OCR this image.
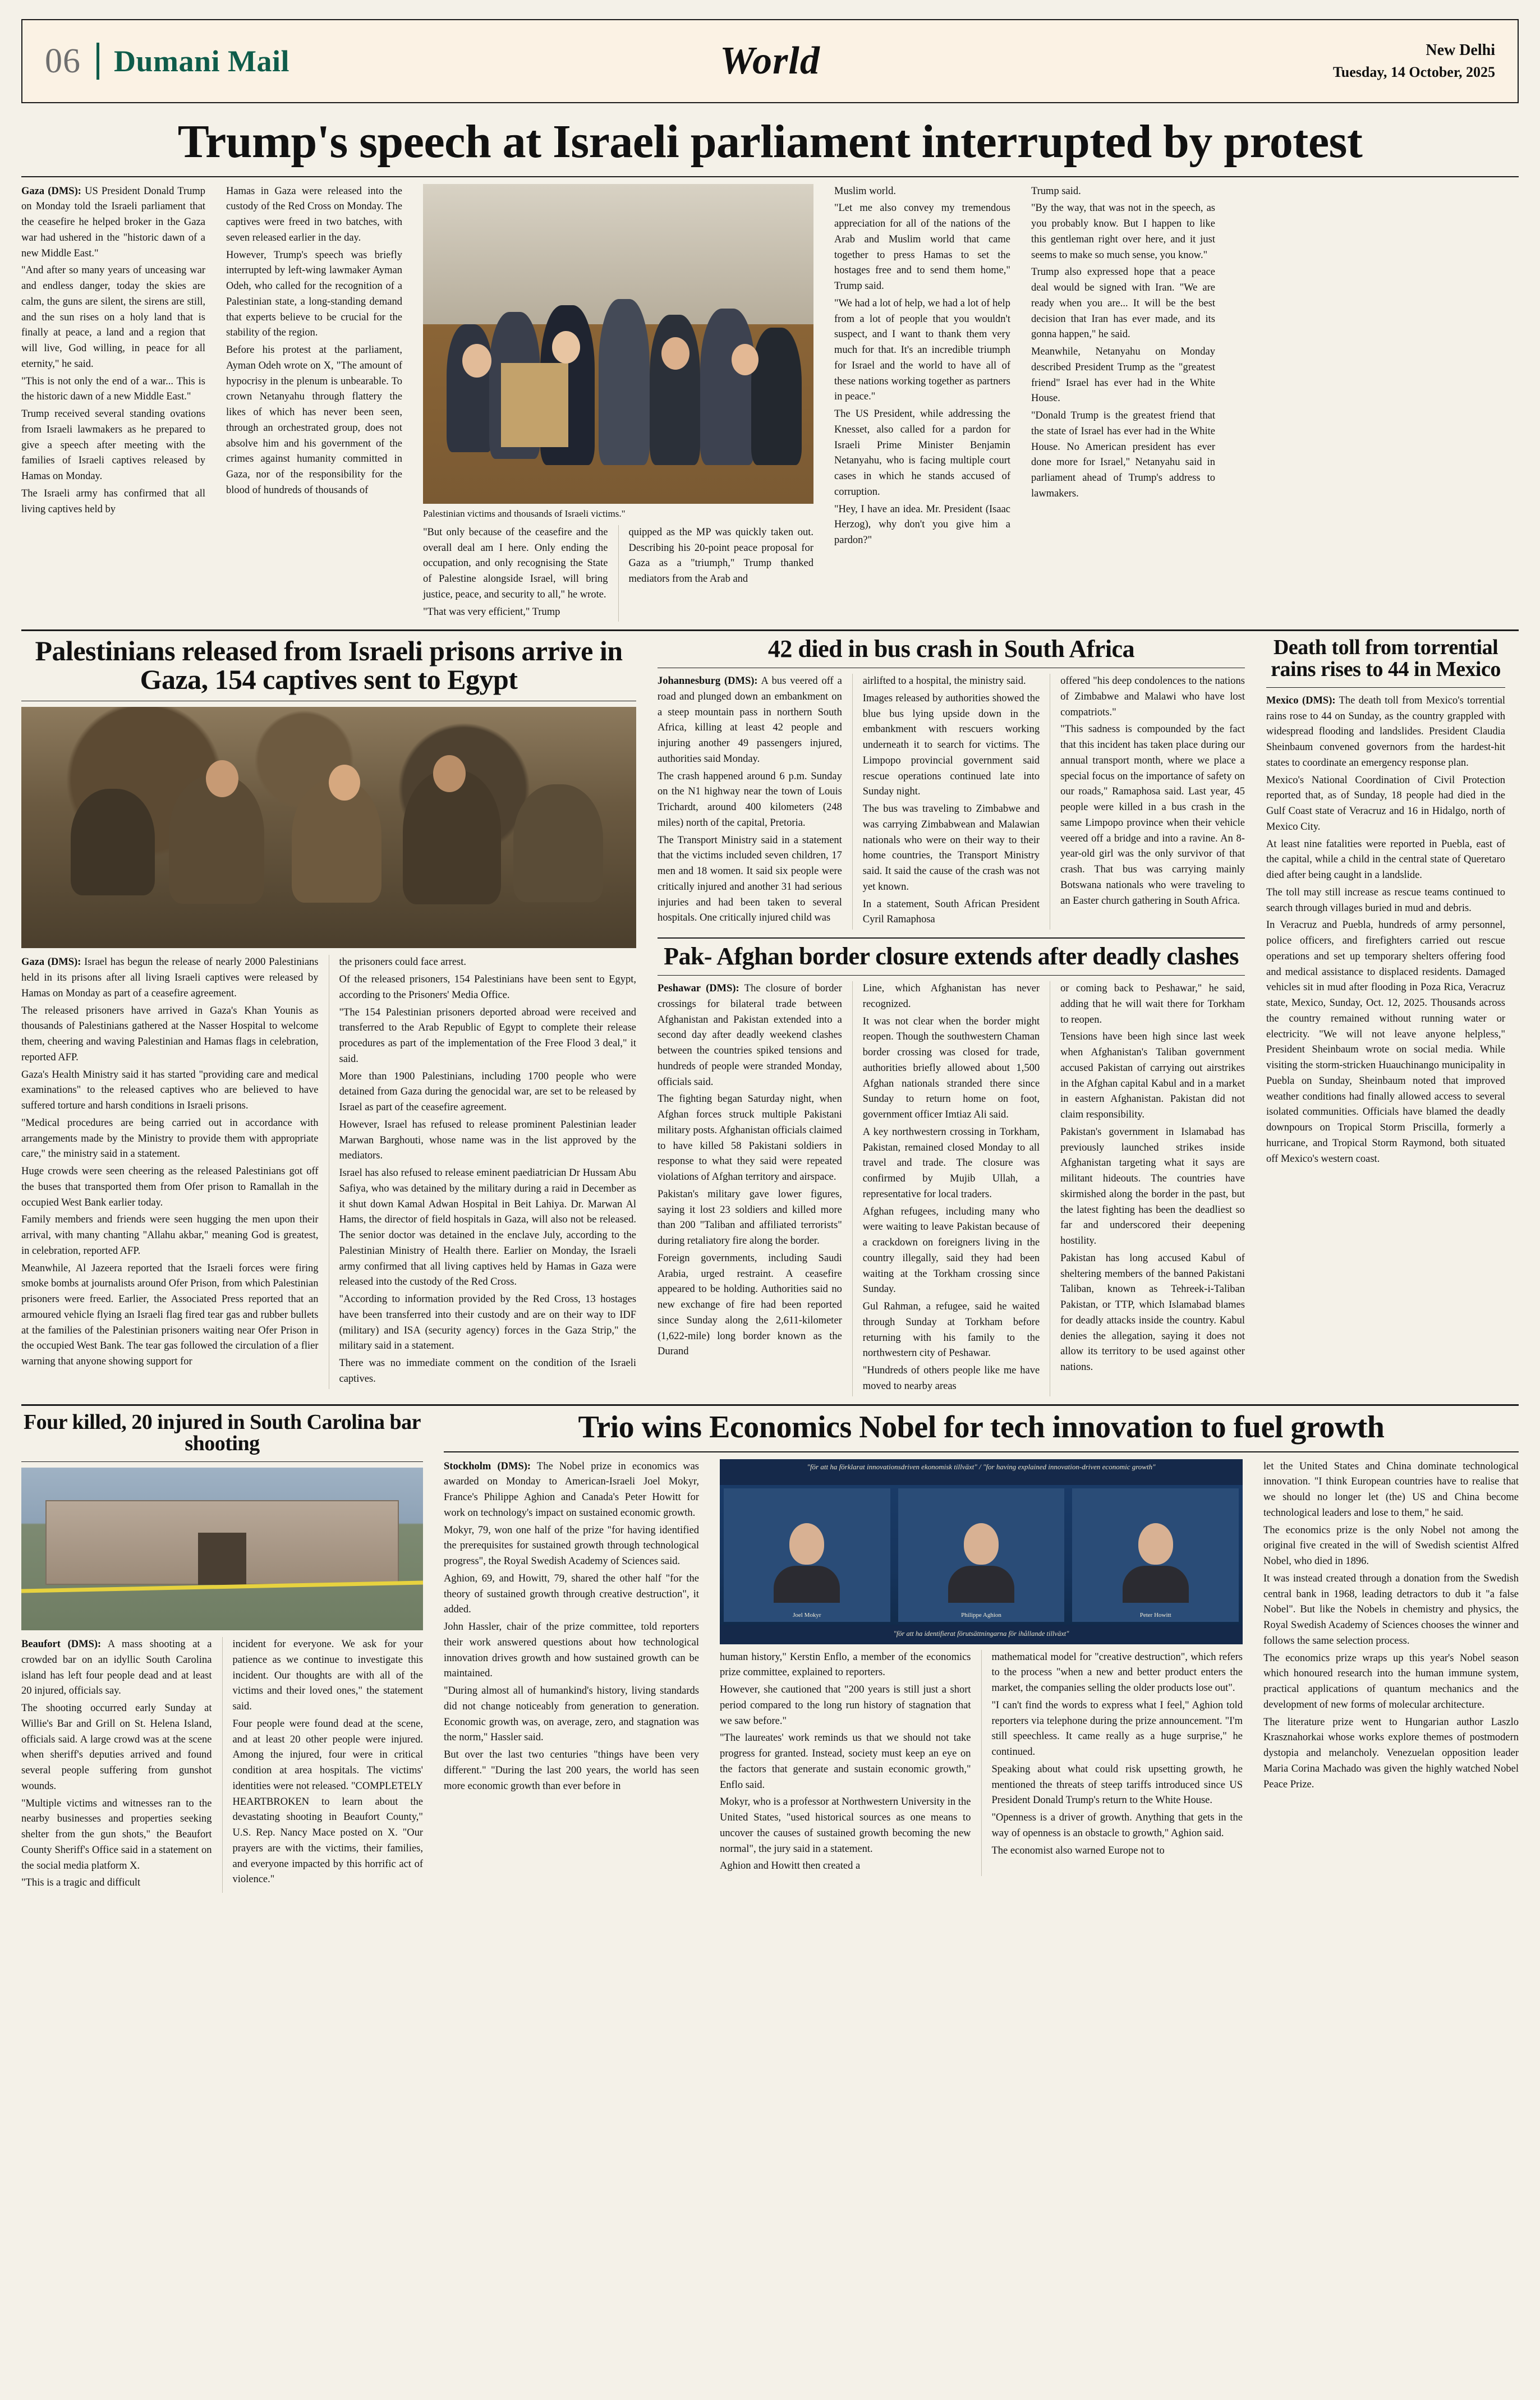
06 Dumani Mail	World	New Delhi
Tuesday, 14 October, 2025
Trump's speech at Israeli parliament interrupted by protest

Gaza (DMS): US President Donald Trump on Monday told the Israeli parliament that the ceasefire he helped broker in the Gaza war had ushered in the "historic dawn of a new Middle East."

"And after so many years of unceasing war and endless danger, today the skies are calm, the guns are silent, the sirens are still, and the sun rises on a holy land that is finally at peace, a land and a region that will live, God willing, in peace for all eternity," he said.

"This is not only the end of a war... This is the historic dawn of a new Middle East."

Trump received several standing ovations from Israeli lawmakers as he prepared to give a speech after meeting with the families of Israeli captives released by Hamas on Monday.

The Israeli army has confirmed that all living captives held by

Hamas in Gaza were released into the custody of the Red Cross on Monday. The captives were freed in two batches, with seven released earlier in the day.

However, Trump's speech was briefly interrupted by left-wing lawmaker Ayman Odeh, who called for the recognition of a Palestinian state, a long-standing demand that experts believe to be crucial for the stability of the region.

Before his protest at the parliament, Ayman Odeh wrote on X, "The amount of hypocrisy in the plenum is unbearable. To crown Netanyahu through flattery the likes of which has never been seen, through an orchestrated group, does not absolve him and his government of the crimes against humanity committed in Gaza, nor of the responsibility for the blood of hundreds of thousands of

Palestinian victims and thousands of Israeli victims."

"But only because of the ceasefire and the overall deal am I here. Only ending the occupation, and only recognising the State of Palestine alongside Israel, will bring justice, peace, and security to all," he wrote.

"That was very efficient," Trump

quipped as the MP was quickly taken out. Describing his 20-point peace proposal for Gaza as a "triumph," Trump thanked mediators from the Arab and

Muslim world.

"Let me also convey my tremendous appreciation for all of the nations of the Arab and Muslim world that came together to press Hamas to set the hostages free and to send them home," Trump said.

"We had a lot of help, we had a lot of help from a lot of people that you wouldn't suspect, and I want to thank them very much for that. It's an incredible triumph for Israel and the world to have all of these nations working together as partners in peace."

The US President, while addressing the Knesset, also called for a pardon for Israeli Prime Minister Benjamin Netanyahu, who is facing multiple court cases in which he stands accused of corruption.

"Hey, I have an idea. Mr. President (Isaac Herzog), why don't you give him a pardon?"

Trump said.

"By the way, that was not in the speech, as you probably know. But I happen to like this gentleman right over here, and it just seems to make so much sense, you know."

Trump also expressed hope that a peace deal would be signed with Iran. "We are ready when you are... It will be the best decision that Iran has ever made, and its gonna happen," he said.

Meanwhile, Netanyahu on Monday described President Trump as the "greatest friend" Israel has ever had in the White House.

"Donald Trump is the greatest friend that the state of Israel has ever had in the White House. No American president has ever done more for Israel," Netanyahu said in parliament ahead of Trump's address to lawmakers.

Palestinians released from Israeli prisons arrive in Gaza, 154 captives sent to Egypt

Gaza (DMS): Israel has begun the release of nearly 2000 Palestinians held in its prisons after all living Israeli captives were released by Hamas on Monday as part of a ceasefire agreement.

The released prisoners have arrived in Gaza's Khan Younis as thousands of Palestinians gathered at the Nasser Hospital to welcome them, cheering and waving Palestinian and Hamas flags in celebration, reported AFP.

Gaza's Health Ministry said it has started "providing care and medical examinations" to the released captives who are believed to have suffered torture and harsh conditions in Israeli prisons.

"Medical procedures are being carried out in accordance with arrangements made by the Ministry to provide them with appropriate care," the ministry said in a statement.

Huge crowds were seen cheering as the released Palestinians got off the buses that transported them from Ofer prison to Ramallah in the occupied West Bank earlier today.

Family members and friends were seen hugging the men upon their arrival, with many chanting "Allahu akbar," meaning God is greatest, in celebration, reported AFP.

Meanwhile, Al Jazeera reported that the Israeli forces were firing smoke bombs at journalists around Ofer Prison, from which Palestinian prisoners were freed. Earlier, the Associated Press reported that an armoured vehicle flying an Israeli flag fired tear gas and rubber bullets at the families of the Palestinian prisoners waiting near Ofer Prison in the occupied West Bank. The tear gas followed the circulation of a flier warning that anyone showing support for

the prisoners could face arrest.

Of the released prisoners, 154 Palestinians have been sent to Egypt, according to the Prisoners' Media Office.

"The 154 Palestinian prisoners deported abroad were received and transferred to the Arab Republic of Egypt to complete their release procedures as part of the implementation of the Free Flood 3 deal," it said.

More than 1900 Palestinians, including 1700 people who were detained from Gaza during the genocidal war, are set to be released by Israel as part of the ceasefire agreement.

However, Israel has refused to release prominent Palestinian leader Marwan Barghouti, whose name was in the list approved by the mediators.

Israel has also refused to release eminent paediatrician Dr Hussam Abu Safiya, who was detained by the military during a raid in December as it shut down Kamal Adwan Hospital in Beit Lahiya. Dr. Marwan Al Hams, the director of field hospitals in Gaza, will also not be released. The senior doctor was detained in the enclave July, according to the Palestinian Ministry of Health there. Earlier on Monday, the Israeli army confirmed that all living captives held by Hamas in Gaza were released into the custody of the Red Cross.

"According to information provided by the Red Cross, 13 hostages have been transferred into their custody and are on their way to IDF (military) and ISA (security agency) forces in the Gaza Strip," the military said in a statement.

There was no immediate comment on the condition of the Israeli captives.

42 died in bus crash in South Africa

Johannesburg (DMS): A bus veered off a road and plunged down an embankment on a steep mountain pass in northern South Africa, killing at least 42 people and injuring another 49 passengers injured, authorities said Monday.

The crash happened around 6 p.m. Sunday on the N1 highway near the town of Louis Trichardt, around 400 kilometers (248 miles) north of the capital, Pretoria.

The Transport Ministry said in a statement that the victims included seven children, 17 men and 18 women. It said six people were critically injured and another 31 had serious injuries and had been taken to several hospitals. One critically injured child was

airlifted to a hospital, the ministry said.

Images released by authorities showed the blue bus lying upside down in the embankment with rescuers working underneath it to search for victims. The Limpopo provincial government said rescue operations continued late into Sunday night.

The bus was traveling to Zimbabwe and was carrying Zimbabwean and Malawian nationals who were on their way to their home countries, the Transport Ministry said. It said the cause of the crash was not yet known.

In a statement, South African President Cyril Ramaphosa

offered "his deep condolences to the nations of Zimbabwe and Malawi who have lost compatriots."

"This sadness is compounded by the fact that this incident has taken place during our annual transport month, where we place a special focus on the importance of safety on our roads," Ramaphosa said. Last year, 45 people were killed in a bus crash in the same Limpopo province when their vehicle veered off a bridge and into a ravine. An 8-year-old girl was the only survivor of that crash. That bus was carrying mainly Botswana nationals who were traveling to an Easter church gathering in South Africa.

Pak- Afghan border closure extends after deadly clashes

Peshawar (DMS): The closure of border crossings for bilateral trade between Afghanistan and Pakistan extended into a second day after deadly weekend clashes between the countries spiked tensions and hundreds of people were stranded Monday, officials said.

The fighting began Saturday night, when Afghan forces struck multiple Pakistani military posts. Afghanistan officials claimed to have killed 58 Pakistani soldiers in response to what they said were repeated violations of Afghan territory and airspace.

Pakistan's military gave lower figures, saying it lost 23 soldiers and killed more than 200 "Taliban and affiliated terrorists" during retaliatory fire along the border.

Foreign governments, including Saudi Arabia, urged restraint. A ceasefire appeared to be holding. Authorities said no new exchange of fire had been reported since Sunday along the 2,611-kilometer (1,622-mile) long border known as the Durand

Line, which Afghanistan has never recognized.

It was not clear when the border might reopen. Though the southwestern Chaman border crossing was closed for trade, authorities briefly allowed about 1,500 Afghan nationals stranded there since Sunday to return home on foot, government officer Imtiaz Ali said.

A key northwestern crossing in Torkham, Pakistan, remained closed Monday to all travel and trade. The closure was confirmed by Mujib Ullah, a representative for local traders.

Afghan refugees, including many who were waiting to leave Pakistan because of a crackdown on foreigners living in the country illegally, said they had been waiting at the Torkham crossing since Sunday.

Gul Rahman, a refugee, said he waited through Sunday at Torkham before returning with his family to the northwestern city of Peshawar.

"Hundreds of others people like me have moved to nearby areas

or coming back to Peshawar," he said, adding that he will wait there for Torkham to reopen.

Tensions have been high since last week when Afghanistan's Taliban government accused Pakistan of carrying out airstrikes in the Afghan capital Kabul and in a market in eastern Afghanistan. Pakistan did not claim responsibility.

Pakistan's government in Islamabad has previously launched strikes inside Afghanistan targeting what it says are militant hideouts. The countries have skirmished along the border in the past, but the latest fighting has been the deadliest so far and underscored their deepening hostility.

Pakistan has long accused Kabul of sheltering members of the banned Pakistani Taliban, known as Tehreek-i-Taliban Pakistan, or TTP, which Islamabad blames for deadly attacks inside the country. Kabul denies the allegation, saying it does not allow its territory to be used against other nations.

Death toll from torrential rains rises to 44 in Mexico

Mexico (DMS): The death toll from Mexico's torrential rains rose to 44 on Sunday, as the country grappled with widespread flooding and landslides. President Claudia Sheinbaum convened governors from the hardest-hit states to coordinate an emergency response plan.

Mexico's National Coordination of Civil Protection reported that, as of Sunday, 18 people had died in the Gulf Coast state of Veracruz and 16 in Hidalgo, north of Mexico City.

At least nine fatalities were reported in Puebla, east of the capital, while a child in the central state of Queretaro died after being caught in a landslide.

The toll may still increase as rescue teams continued to search through villages buried in mud and debris.

In Veracruz and Puebla, hundreds of army personnel, police officers, and firefighters carried out rescue operations and set up temporary shelters offering food and medical assistance to displaced residents. Damaged vehicles sit in mud after flooding in Poza Rica, Veracruz state, Mexico, Sunday, Oct. 12, 2025. Thousands across the country remained without running water or electricity. "We will not leave anyone helpless," President Sheinbaum wrote on social media. While visiting the storm-stricken Huauchinango municipality in Puebla on Sunday, Sheinbaum noted that improved weather conditions had finally allowed access to several isolated communities. Officials have blamed the deadly downpours on Tropical Storm Priscilla, formerly a hurricane, and Tropical Storm Raymond, both situated off Mexico's western coast.

Four killed, 20 injured in South Carolina bar shooting

Beaufort (DMS): A mass shooting at a crowded bar on an idyllic South Carolina island has left four people dead and at least 20 injured, officials say.

The shooting occurred early Sunday at Willie's Bar and Grill on St. Helena Island, officials said. A large crowd was at the scene when sheriff's deputies arrived and found several people suffering from gunshot wounds.

"Multiple victims and witnesses ran to the nearby businesses and properties seeking shelter from the gun shots," the Beaufort County Sheriff's Office said in a statement on the social media platform X.

"This is a tragic and difficult

incident for everyone. We ask for your patience as we continue to investigate this incident. Our thoughts are with all of the victims and their loved ones," the statement said.

Four people were found dead at the scene, and at least 20 other people were injured. Among the injured, four were in critical condition at area hospitals. The victims' identities were not released. "COMPLETELY HEARTBROKEN to learn about the devastating shooting in Beaufort County," U.S. Rep. Nancy Mace posted on X. "Our prayers are with the victims, their families, and everyone impacted by this horrific act of violence."

Trio wins Economics Nobel for tech innovation to fuel growth

Stockholm (DMS): The Nobel prize in economics was awarded on Monday to American-Israeli Joel Mokyr, France's Philippe Aghion and Canada's Peter Howitt for work on technology's impact on sustained economic growth.

Mokyr, 79, won one half of the prize "for having identified the prerequisites for sustained growth through technological progress", the Royal Swedish Academy of Sciences said.

Aghion, 69, and Howitt, 79, shared the other half "for the theory of sustained growth through creative destruction", it added.

John Hassler, chair of the prize committee, told reporters their work answered questions about how technological innovation drives growth and how sustained growth can be maintained.

"During almost all of humankind's history, living standards did not change noticeably from generation to generation. Economic growth was, on average, zero, and stagnation was the norm," Hassler said.

But over the last two centuries "things have been very different." "During the last 200 years, the world has seen more economic growth than ever before in

"för att ha förklarat innovationsdriven ekonomisk tillväxt" / "for having explained innovation-driven economic growth"
Joel Mokyr	Philippe Aghion	Peter Howitt
"för att ha identifierat förutsättningarna för ihållande tillväxt"

human history," Kerstin Enflo, a member of the economics prize committee, explained to reporters.

However, she cautioned that "200 years is still just a short period compared to the long run history of stagnation that we saw before."

"The laureates' work reminds us that we should not take progress for granted. Instead, society must keep an eye on the factors that generate and sustain economic growth," Enflo said.

Mokyr, who is a professor at Northwestern University in the United States, "used historical sources as one means to uncover the causes of sustained growth becoming the new normal", the jury said in a statement.

Aghion and Howitt then created a

mathematical model for "creative destruction", which refers to the process "when a new and better product enters the market, the companies selling the older products lose out".

"I can't find the words to express what I feel," Aghion told reporters via telephone during the prize announcement. "I'm still speechless. It came really as a huge surprise," he continued.

Speaking about what could risk upsetting growth, he mentioned the threats of steep tariffs introduced since US President Donald Trump's return to the White House.

"Openness is a driver of growth. Anything that gets in the way of openness is an obstacle to growth," Aghion said.

The economist also warned Europe not to

let the United States and China dominate technological innovation. "I think European countries have to realise that we should no longer let (the) US and China become technological leaders and lose to them," he said.

The economics prize is the only Nobel not among the original five created in the will of Swedish scientist Alfred Nobel, who died in 1896.

It was instead created through a donation from the Swedish central bank in 1968, leading detractors to dub it "a false Nobel". But like the Nobels in chemistry and physics, the Royal Swedish Academy of Sciences chooses the winner and follows the same selection process.

The economics prize wraps up this year's Nobel season which honoured research into the human immune system, practical applications of quantum mechanics and the development of new forms of molecular architecture.

The literature prize went to Hungarian author Laszlo Krasznahorkai whose works explore themes of postmodern dystopia and melancholy. Venezuelan opposition leader Maria Corina Machado was given the highly watched Nobel Peace Prize.
